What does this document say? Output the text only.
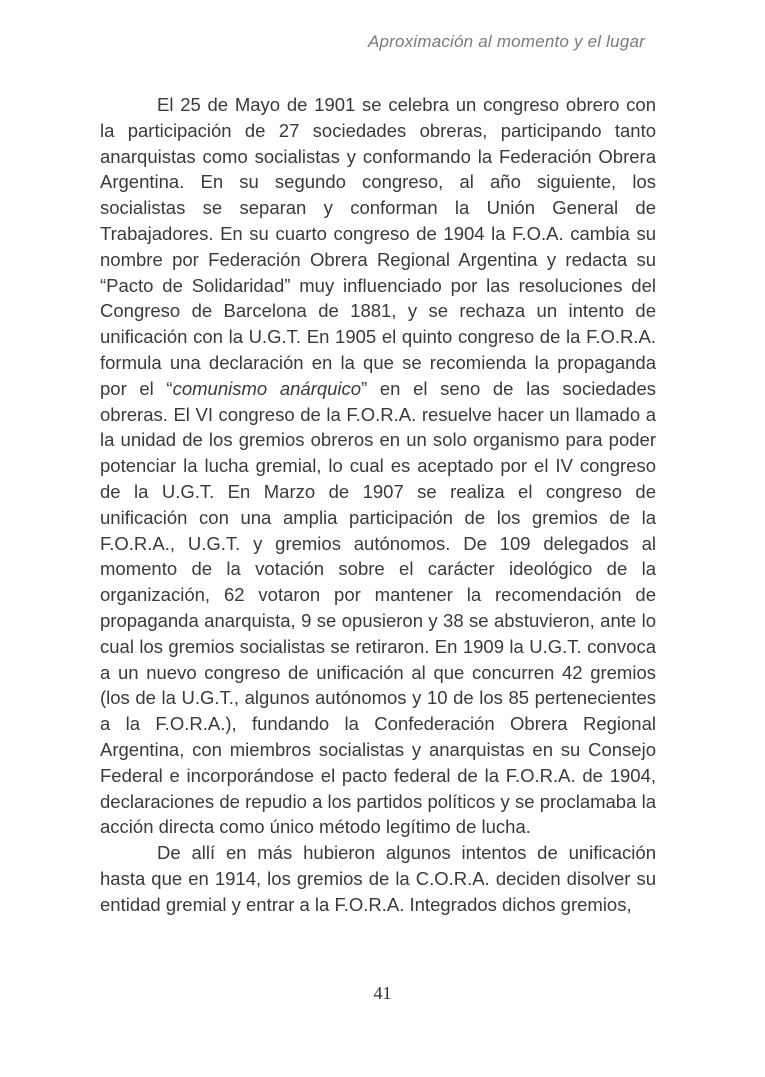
Aproximación al momento y el lugar

El 25 de Mayo de 1901 se celebra un congreso obrero con la participación de 27 sociedades obreras, participando tanto anarquistas como socialistas y conformando la Federación Obrera Argentina. En su segundo congreso, al año siguiente, los socialistas se separan y conforman la Unión General de Trabajadores. En su cuarto congreso de 1904 la F.O.A. cambia su nombre por Federación Obrera Regional Argentina y redacta su “Pacto de Solidaridad” muy influenciado por las resoluciones del Congreso de Barcelona de 1881, y se rechaza un intento de unificación con la U.G.T. En 1905 el quinto congreso de la F.O.R.A. formula una declaración en la que se recomienda la propaganda por el “comunismo anárquico” en el seno de las sociedades obreras. El VI congreso de la F.O.R.A. resuelve hacer un llamado a la unidad de los gremios obreros en un solo organismo para poder potenciar la lucha gremial, lo cual es aceptado por el IV congreso de la U.G.T. En Marzo de 1907 se realiza el congreso de unificación con una amplia participación de los gremios de la F.O.R.A., U.G.T. y gremios autónomos. De 109 delegados al momento de la votación sobre el carácter ideológico de la organización, 62 votaron por mantener la recomendación de propaganda anarquista, 9 se opusieron y 38 se abstuvieron, ante lo cual los gremios socialistas se retiraron. En 1909 la U.G.T. convoca a un nuevo congreso de unificación al que concurren 42 gremios (los de la U.G.T., algunos autónomos y 10 de los 85 pertenecientes a la F.O.R.A.), fundando la Confederación Obrera Regional Argentina, con miembros socialistas y anarquistas en su Consejo Federal e incorporándose el pacto federal de la F.O.R.A. de 1904, declaraciones de repudio a los partidos políticos y se proclamaba la acción directa como único método legítimo de lucha.

De allí en más hubieron algunos intentos de unificación hasta que en 1914, los gremios de la C.O.R.A. deciden disolver su entidad gremial y entrar a la F.O.R.A. Integrados dichos gremios,

41
